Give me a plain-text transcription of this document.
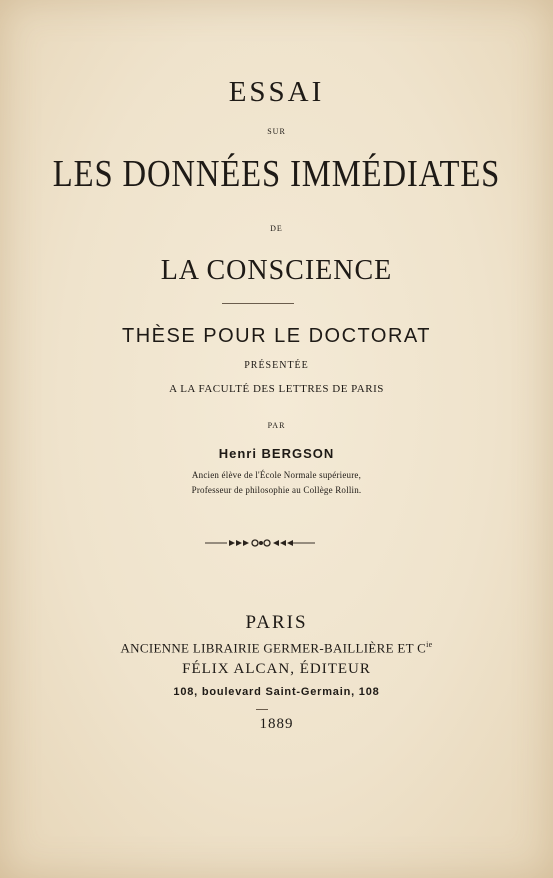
ESSAI
SUR
LES DONNÉES IMMÉDIATES
DE
LA CONSCIENCE
THÈSE POUR LE DOCTORAT
PRÉSENTÉE
A LA FACULTÉ DES LETTRES DE PARIS
PAR
Henri BERGSON
Ancien élève de l'École Normale supérieure,
Professeur de philosophie au Collège Rollin.
PARIS
ANCIENNE LIBRAIRIE GERMER-BAILLIÈRE ET $C^{ie}$
FÉLIX ALCAN, ÉDITEUR
108, boulevard Saint-Germain, 108
1889
